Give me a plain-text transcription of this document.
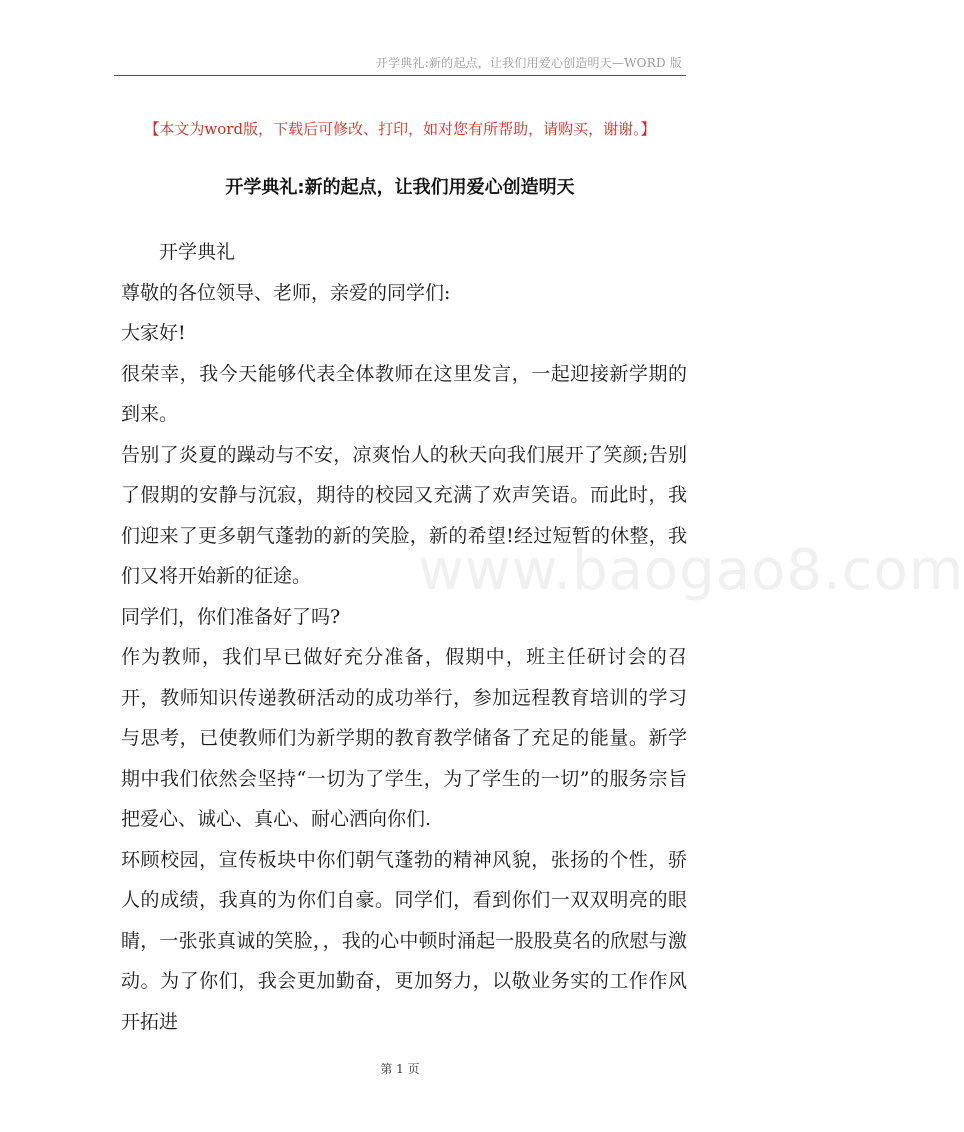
开学典礼:新的起点，让我们用爱心创造明天—WORD 版
【本文为word版，下载后可修改、打印，如对您有所帮助，请购买，谢谢。】
开学典礼:新的起点，让我们用爱心创造明天

开学典礼

尊敬的各位领导、老师，亲爱的同学们:

大家好!

很荣幸，我今天能够代表全体教师在这里发言，一起迎接新学期的到来。

告别了炎夏的躁动与不安，凉爽怡人的秋天向我们展开了笑颜;告别了假期的安静与沉寂，期待的校园又充满了欢声笑语。而此时，我们迎来了更多朝气蓬勃的新的笑脸，新的希望!经过短暂的休整，我们又将开始新的征途。

同学们，你们准备好了吗?

作为教师，我们早已做好充分准备，假期中，班主任研讨会的召开，教师知识传递教研活动的成功举行，参加远程教育培训的学习与思考，已使教师们为新学期的教育教学储备了充足的能量。新学期中我们依然会坚持“一切为了学生，为了学生的一切”的服务宗旨把爱心、诚心、真心、耐心洒向你们.

环顾校园，宣传板块中你们朝气蓬勃的精神风貌，张扬的个性，骄人的成绩，我真的为你们自豪。同学们，看到你们一双双明亮的眼睛，一张张真诚的笑脸，，我的心中顿时涌起一股股莫名的欣慰与激动。为了你们，我会更加勤奋，更加努力，以敬业务实的工作作风开拓进

www.baogao8.com
第 1 页
